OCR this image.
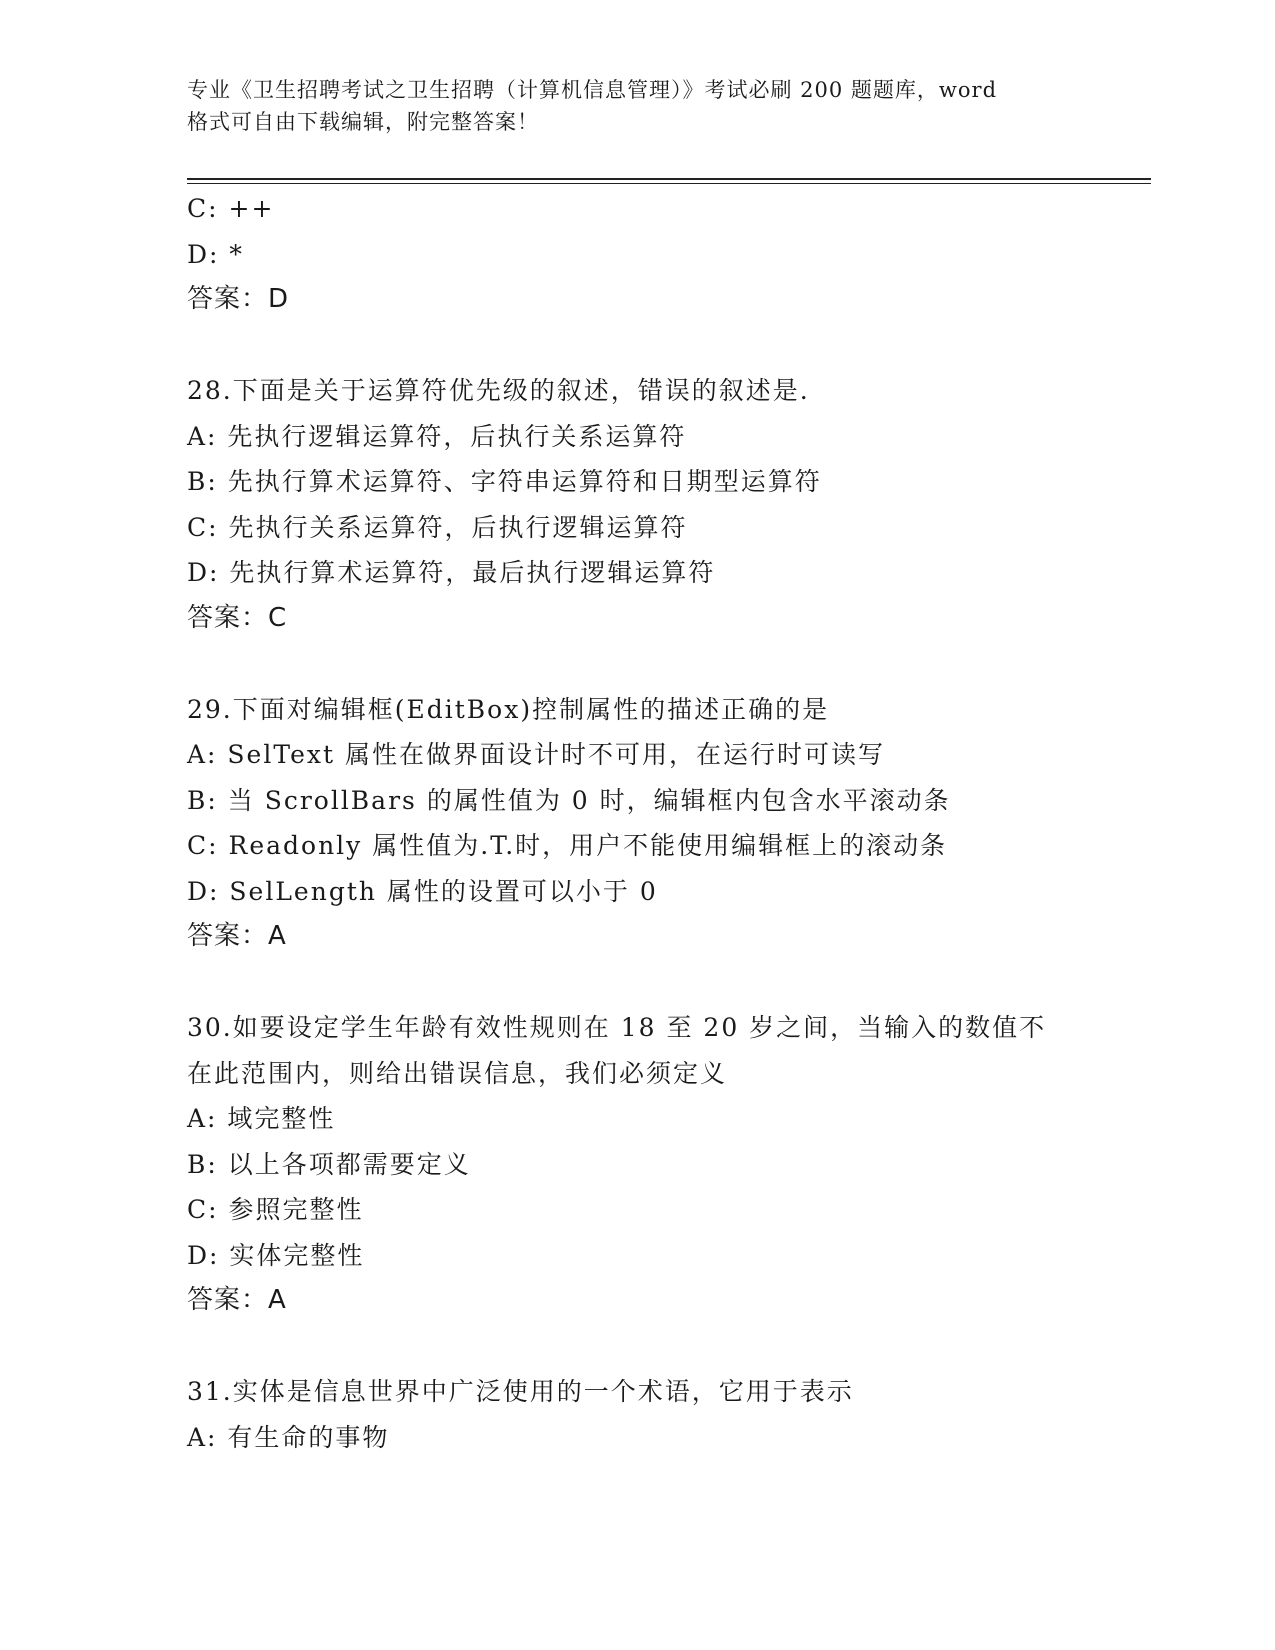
专业《卫生招聘考试之卫生招聘（计算机信息管理）》考试必刷 200 题题库，word
格式可自由下载编辑，附完整答案！
C: ++
D: *
答案：D
28.下面是关于运算符优先级的叙述，错误的叙述是.
A: 先执行逻辑运算符，后执行关系运算符
B: 先执行算术运算符、字符串运算符和日期型运算符
C: 先执行关系运算符，后执行逻辑运算符
D: 先执行算术运算符，最后执行逻辑运算符
答案：C
29.下面对编辑框(EditBox)控制属性的描述正确的是
A: SelText 属性在做界面设计时不可用，在运行时可读写
B: 当 ScrollBars 的属性值为 0 时，编辑框内包含水平滚动条
C: Readonly 属性值为.T.时，用户不能使用编辑框上的滚动条
D: SelLength 属性的设置可以小于 0
答案：A
30.如要设定学生年龄有效性规则在 18 至 20 岁之间，当输入的数值不
在此范围内，则给出错误信息，我们必须定义
A: 域完整性
B: 以上各项都需要定义
C: 参照完整性
D: 实体完整性
答案：A
31.实体是信息世界中广泛使用的一个术语，它用于表示
A: 有生命的事物
